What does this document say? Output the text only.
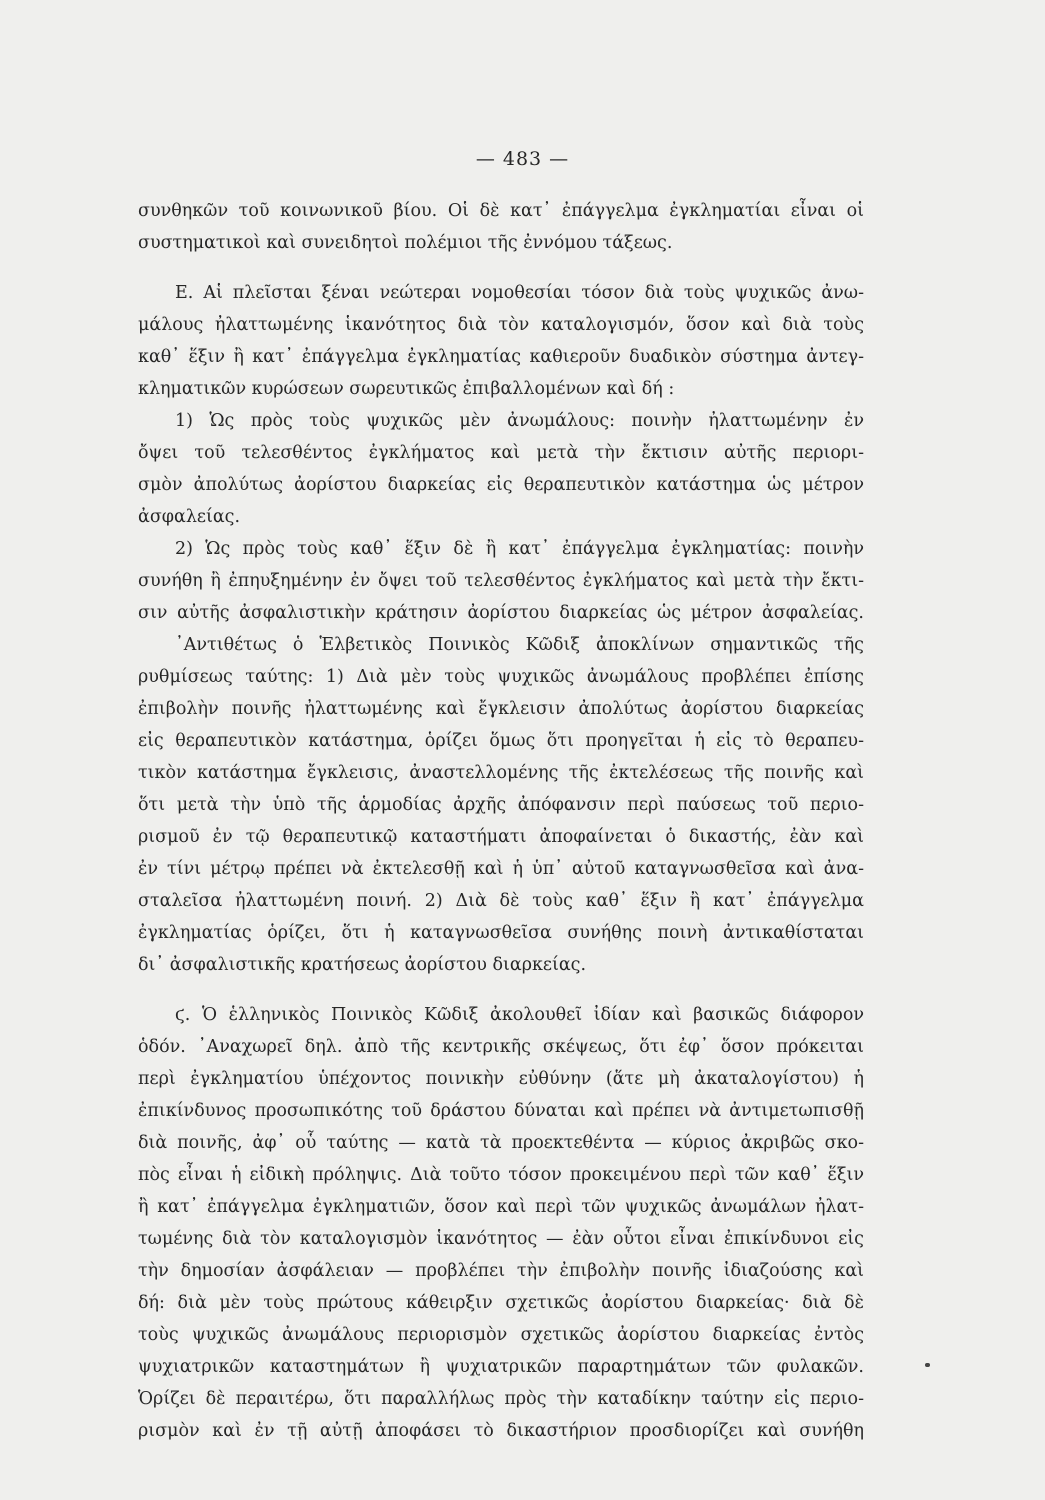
— 483 —
συνθηκῶν τοῦ κοινωνικοῦ βίου. Οἱ δὲ κατ᾽ ἐπάγγελμα ἐγκληματίαι εἶναι οἱ
συστηματικοὶ καὶ συνειδητοὶ πολέμιοι τῆς ἐννόμου τάξεως.
Ε. Αἱ πλεῖσται ξέναι νεώτεραι νομοθεσίαι τόσον διὰ τοὺς ψυχικῶς ἀνω-
μάλους ἠλαττωμένης ἱκανότητος διὰ τὸν καταλογισμόν, ὅσον καὶ διὰ τοὺς
καθ᾽ ἕξιν ἢ κατ᾽ ἐπάγγελμα ἐγκληματίας καθιεροῦν δυαδικὸν σύστημα ἀντεγ-
κληματικῶν κυρώσεων σωρευτικῶς ἐπιβαλλομένων καὶ δή :
1) Ὡς πρὸς τοὺς ψυχικῶς μὲν ἀνωμάλους: ποινὴν ἠλαττωμένην ἐν
ὄψει τοῦ τελεσθέντος ἐγκλήματος καὶ μετὰ τὴν ἔκτισιν αὐτῆς περιορι-
σμὸν ἀπολύτως ἀορίστου διαρκείας εἰς θεραπευτικὸν κατάστημα ὡς μέτρον
ἀσφαλείας.
2) Ὡς πρὸς τοὺς καθ᾽ ἕξιν δὲ ἢ κατ᾽ ἐπάγγελμα ἐγκληματίας: ποινὴν
συνήθη ἢ ἐπηυξημένην ἐν ὄψει τοῦ τελεσθέντος ἐγκλήματος καὶ μετὰ τὴν ἔκτι-
σιν αὐτῆς ἀσφαλιστικὴν κράτησιν ἀορίστου διαρκείας ὡς μέτρον ἀσφαλείας.
᾽Αντιθέτως ὁ Ἑλβετικὸς Ποινικὸς Κῶδιξ ἀποκλίνων σημαντικῶς τῆς
ρυθμίσεως ταύτης: 1) Διὰ μὲν τοὺς ψυχικῶς ἀνωμάλους προβλέπει ἐπίσης
ἐπιβολὴν ποινῆς ἠλαττωμένης καὶ ἔγκλεισιν ἀπολύτως ἀορίστου διαρκείας
εἰς θεραπευτικὸν κατάστημα, ὁρίζει ὅμως ὅτι προηγεῖται ἡ εἰς τὸ θεραπευ-
τικὸν κατάστημα ἔγκλεισις, ἀναστελλομένης τῆς ἐκτελέσεως τῆς ποινῆς καὶ
ὅτι μετὰ τὴν ὑπὸ τῆς ἁρμοδίας ἀρχῆς ἀπόφανσιν περὶ παύσεως τοῦ περιο-
ρισμοῦ ἐν τῷ θεραπευτικῷ καταστήματι ἀποφαίνεται ὁ δικαστής, ἐὰν καὶ
ἐν τίνι μέτρῳ πρέπει νὰ ἐκτελεσθῇ καὶ ἡ ὑπ᾽ αὐτοῦ καταγνωσθεῖσα καὶ ἀνα-
σταλεῖσα ἠλαττωμένη ποινή. 2) Διὰ δὲ τοὺς καθ᾽ ἕξιν ἢ κατ᾽ ἐπάγγελμα
ἐγκληματίας ὁρίζει, ὅτι ἡ καταγνωσθεῖσα συνήθης ποινὴ ἀντικαθίσταται
δι᾽ ἀσφαλιστικῆς κρατήσεως ἀορίστου διαρκείας.
ϛ. Ὁ ἑλληνικὸς Ποινικὸς Κῶδιξ ἀκολουθεῖ ἰδίαν καὶ βασικῶς διάφορον
ὁδόν. ᾽Αναχωρεῖ δηλ. ἀπὸ τῆς κεντρικῆς σκέψεως, ὅτι ἐφ᾽ ὅσον πρόκειται
περὶ ἐγκληματίου ὑπέχοντος ποινικὴν εὐθύνην (ἅτε μὴ ἀκαταλογίστου) ἡ
ἐπικίνδυνος προσωπικότης τοῦ δράστου δύναται καὶ πρέπει νὰ ἀντιμετωπισθῇ
διὰ ποινῆς, ἀφ᾽ οὗ ταύτης — κατὰ τὰ προεκτεθέντα — κύριος ἀκριβῶς σκο-
πὸς εἶναι ἡ εἰδικὴ πρόληψις. Διὰ τοῦτο τόσον προκειμένου περὶ τῶν καθ᾽ ἕξιν
ἢ κατ᾽ ἐπάγγελμα ἐγκληματιῶν, ὅσον καὶ περὶ τῶν ψυχικῶς ἀνωμάλων ἠλατ-
τωμένης διὰ τὸν καταλογισμὸν ἱκανότητος — ἐὰν οὗτοι εἶναι ἐπικίνδυνοι εἰς
τὴν δημοσίαν ἀσφάλειαν — προβλέπει τὴν ἐπιβολὴν ποινῆς ἰδιαζούσης καὶ
δή: διὰ μὲν τοὺς πρώτους κάθειρξιν σχετικῶς ἀορίστου διαρκείας· διὰ δὲ
τοὺς ψυχικῶς ἀνωμάλους περιορισμὸν σχετικῶς ἀορίστου διαρκείας ἐντὸς
ψυχιατρικῶν καταστημάτων ἢ ψυχιατρικῶν παραρτημάτων τῶν φυλακῶν.
Ὁρίζει δὲ περαιτέρω, ὅτι παραλλήλως πρὸς τὴν καταδίκην ταύτην εἰς περιο-
ρισμὸν καὶ ἐν τῇ αὐτῇ ἀποφάσει τὸ δικαστήριον προσδιορίζει καὶ συνήθη
